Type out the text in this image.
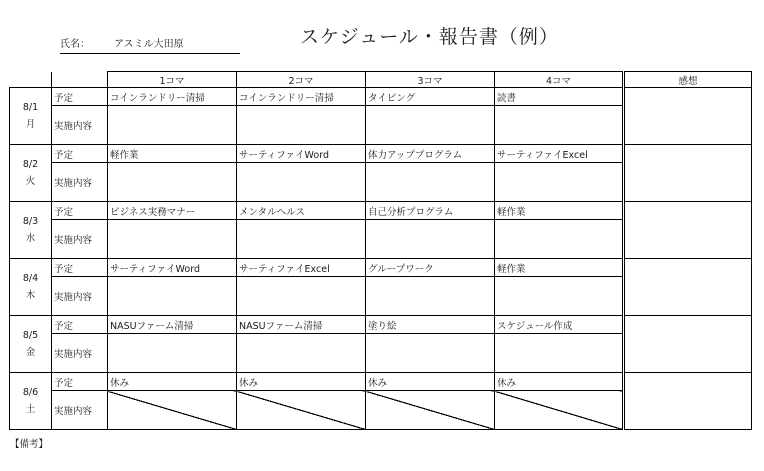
氏名： アスミル大田原	スケジュール・報告書（例）
		1コマ	2コマ	3コマ	4コマ	感想

8/1
月	予定	コインランドリー清掃	コインランドリー清掃	タイピング	読書	
	実施内容					

8/2
火	予定	軽作業	サーティファイWord	体力アッププログラム	サーティファイExcel	
	実施内容					

8/3
水	予定	ビジネス実務マナー	メンタルヘルス	自己分析プログラム	軽作業	
	実施内容					

8/4
木	予定	サーティファイWord	サーティファイExcel	グループワーク	軽作業	
	実施内容					

8/5
金	予定	NASUファーム清掃	NASUファーム清掃	塗り絵	スケジュール作成	
	実施内容					

8/6
土	予定	休み	休み	休み	休み	
	実施内容					
【備考】
